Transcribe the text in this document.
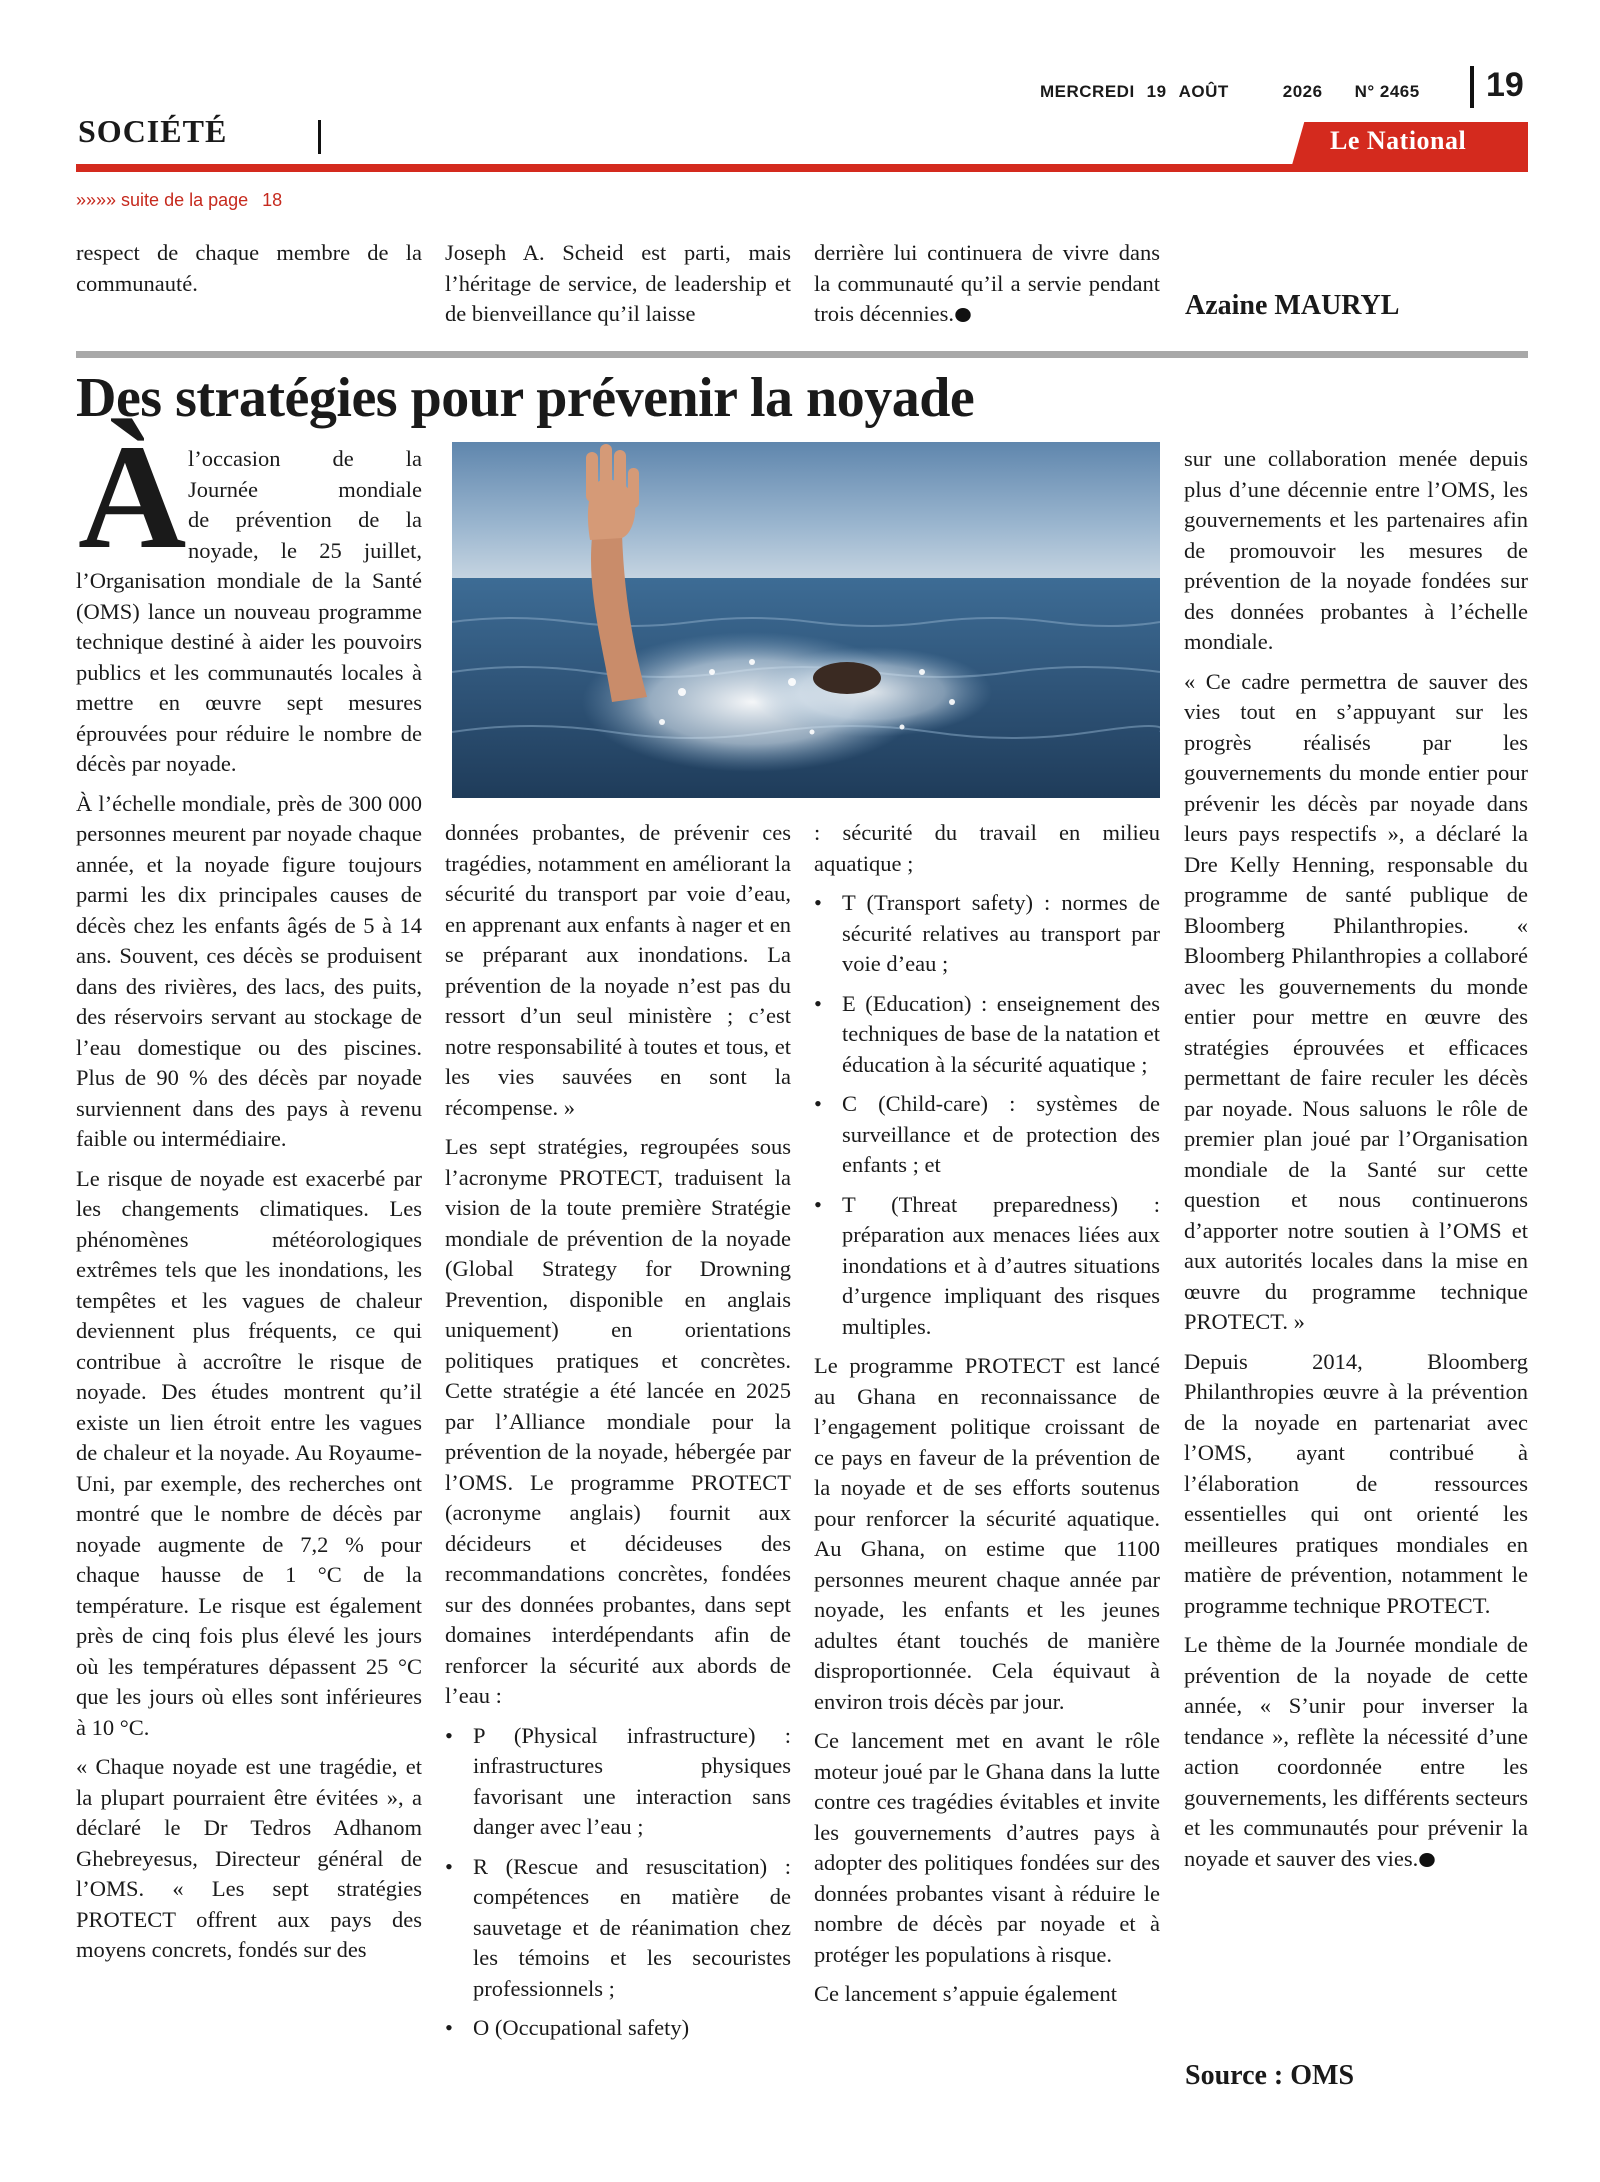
MERCREDI 19 AOÛT	2026 N° 2465	19
SOCIÉTÉ	Le National
»»»» suite de la page 18

respect de chaque membre de la communauté.

Joseph A. Scheid est parti, mais l’héritage de service, de leadership et de bienveillance qu’il laisse

derrière lui continuera de vivre dans la communauté qu’il a servie pendant trois décennies.	Azaine MAURYL
Des stratégies pour prévenir la noyade
À l’occasion de la
Journée mondiale
de prévention de la
noyade, le 25 juillet,

l’Organisation mondiale de la Santé (OMS) lance un nouveau programme technique destiné à aider les pouvoirs publics et les communautés locales à mettre en œuvre sept mesures éprouvées pour réduire le nombre de décès par noyade.

À l’échelle mondiale, près de 300 000 personnes meurent par noyade chaque année, et la noyade figure toujours parmi les dix principales causes de décès chez les enfants âgés de 5 à 14 ans. Souvent, ces décès se produisent dans des rivières, des lacs, des puits, des réservoirs servant au stockage de l’eau domestique ou des piscines. Plus de 90 % des décès par noyade surviennent dans des pays à revenu faible ou intermédiaire.

Le risque de noyade est exacerbé par les changements climatiques. Les phénomènes météorologiques extrêmes tels que les inondations, les tempêtes et les vagues de chaleur deviennent plus fréquents, ce qui contribue à accroître le risque de noyade. Des études montrent qu’il existe un lien étroit entre les vagues de chaleur et la noyade. Au Royaume-Uni, par exemple, des recherches ont montré que le nombre de décès par noyade augmente de 7,2 % pour chaque hausse de 1 °C de la température. Le risque est également près de cinq fois plus élevé les jours où les températures dépassent 25 °C que les jours où elles sont inférieures à 10 °C.

« Chaque noyade est une tragédie, et la plupart pourraient être évitées », a déclaré le Dr Tedros Adhanom Ghebreyesus, Directeur général de l’OMS. « Les sept stratégies PROTECT offrent aux pays des moyens concrets, fondés sur des

données probantes, de prévenir ces tragédies, notamment en améliorant la sécurité du transport par voie d’eau, en apprenant aux enfants à nager et en se préparant aux inondations. La prévention de la noyade n’est pas du ressort d’un seul ministère ; c’est notre responsabilité à toutes et tous, et les vies sauvées en sont la récompense. »

Les sept stratégies, regroupées sous l’acronyme PROTECT, traduisent la vision de la toute première Stratégie mondiale de prévention de la noyade (Global Strategy for Drowning Prevention, disponible en anglais uniquement) en orientations politiques pratiques et concrètes. Cette stratégie a été lancée en 2025 par l’Alliance mondiale pour la prévention de la noyade, hébergée par l’OMS. Le programme PROTECT (acronyme anglais) fournit aux décideurs et décideuses des recommandations concrètes, fondées sur des données probantes, dans sept domaines interdépendants afin de renforcer la sécurité aux abords de l’eau :

• P (Physical infrastructure) : infrastructures physiques favorisant une interaction sans danger avec l’eau ;
• R (Rescue and resuscitation) : compétences en matière de sauvetage et de réanimation chez les témoins et les secouristes professionnels ;
• O (Occupational safety)

: sécurité du travail en milieu aquatique ;

• T (Transport safety) : normes de sécurité relatives au transport par voie d’eau ;
• E (Education) : enseignement des techniques de base de la natation et éducation à la sécurité aquatique ;
• C (Child-care) : systèmes de surveillance et de protection des enfants ; et
• T (Threat preparedness) : préparation aux menaces liées aux inondations et à d’autres situations d’urgence impliquant des risques multiples.

Le programme PROTECT est lancé au Ghana en reconnaissance de l’engagement politique croissant de ce pays en faveur de la prévention de la noyade et de ses efforts soutenus pour renforcer la sécurité aquatique. Au Ghana, on estime que 1100 personnes meurent chaque année par noyade, les enfants et les jeunes adultes étant touchés de manière disproportionnée. Cela équivaut à environ trois décès par jour.

Ce lancement met en avant le rôle moteur joué par le Ghana dans la lutte contre ces tragédies évitables et invite les gouvernements d’autres pays à adopter des politiques fondées sur des données probantes visant à réduire le nombre de décès par noyade et à protéger les populations à risque.

Ce lancement s’appuie également

sur une collaboration menée depuis plus d’une décennie entre l’OMS, les gouvernements et les partenaires afin de promouvoir les mesures de prévention de la noyade fondées sur des données probantes à l’échelle mondiale.

« Ce cadre permettra de sauver des vies tout en s’appuyant sur les progrès réalisés par les gouvernements du monde entier pour prévenir les décès par noyade dans leurs pays respectifs », a déclaré la Dre Kelly Henning, responsable du programme de santé publique de Bloomberg Philanthropies. « Bloomberg Philanthropies a collaboré avec les gouvernements du monde entier pour mettre en œuvre des stratégies éprouvées et efficaces permettant de faire reculer les décès par noyade. Nous saluons le rôle de premier plan joué par l’Organisation mondiale de la Santé sur cette question et nous continuerons d’apporter notre soutien à l’OMS et aux autorités locales dans la mise en œuvre du programme technique PROTECT. »

Depuis 2014, Bloomberg Philanthropies œuvre à la prévention de la noyade en partenariat avec l’OMS, ayant contribué à l’élaboration de ressources essentielles qui ont orienté les meilleures pratiques mondiales en matière de prévention, notamment le programme technique PROTECT.

Le thème de la Journée mondiale de prévention de la noyade de cette année, « S’unir pour inverser la tendance », reflète la nécessité d’une action coordonnée entre les gouvernements, les différents secteurs et les communautés pour prévenir la noyade et sauver des vies.

Source : OMS
